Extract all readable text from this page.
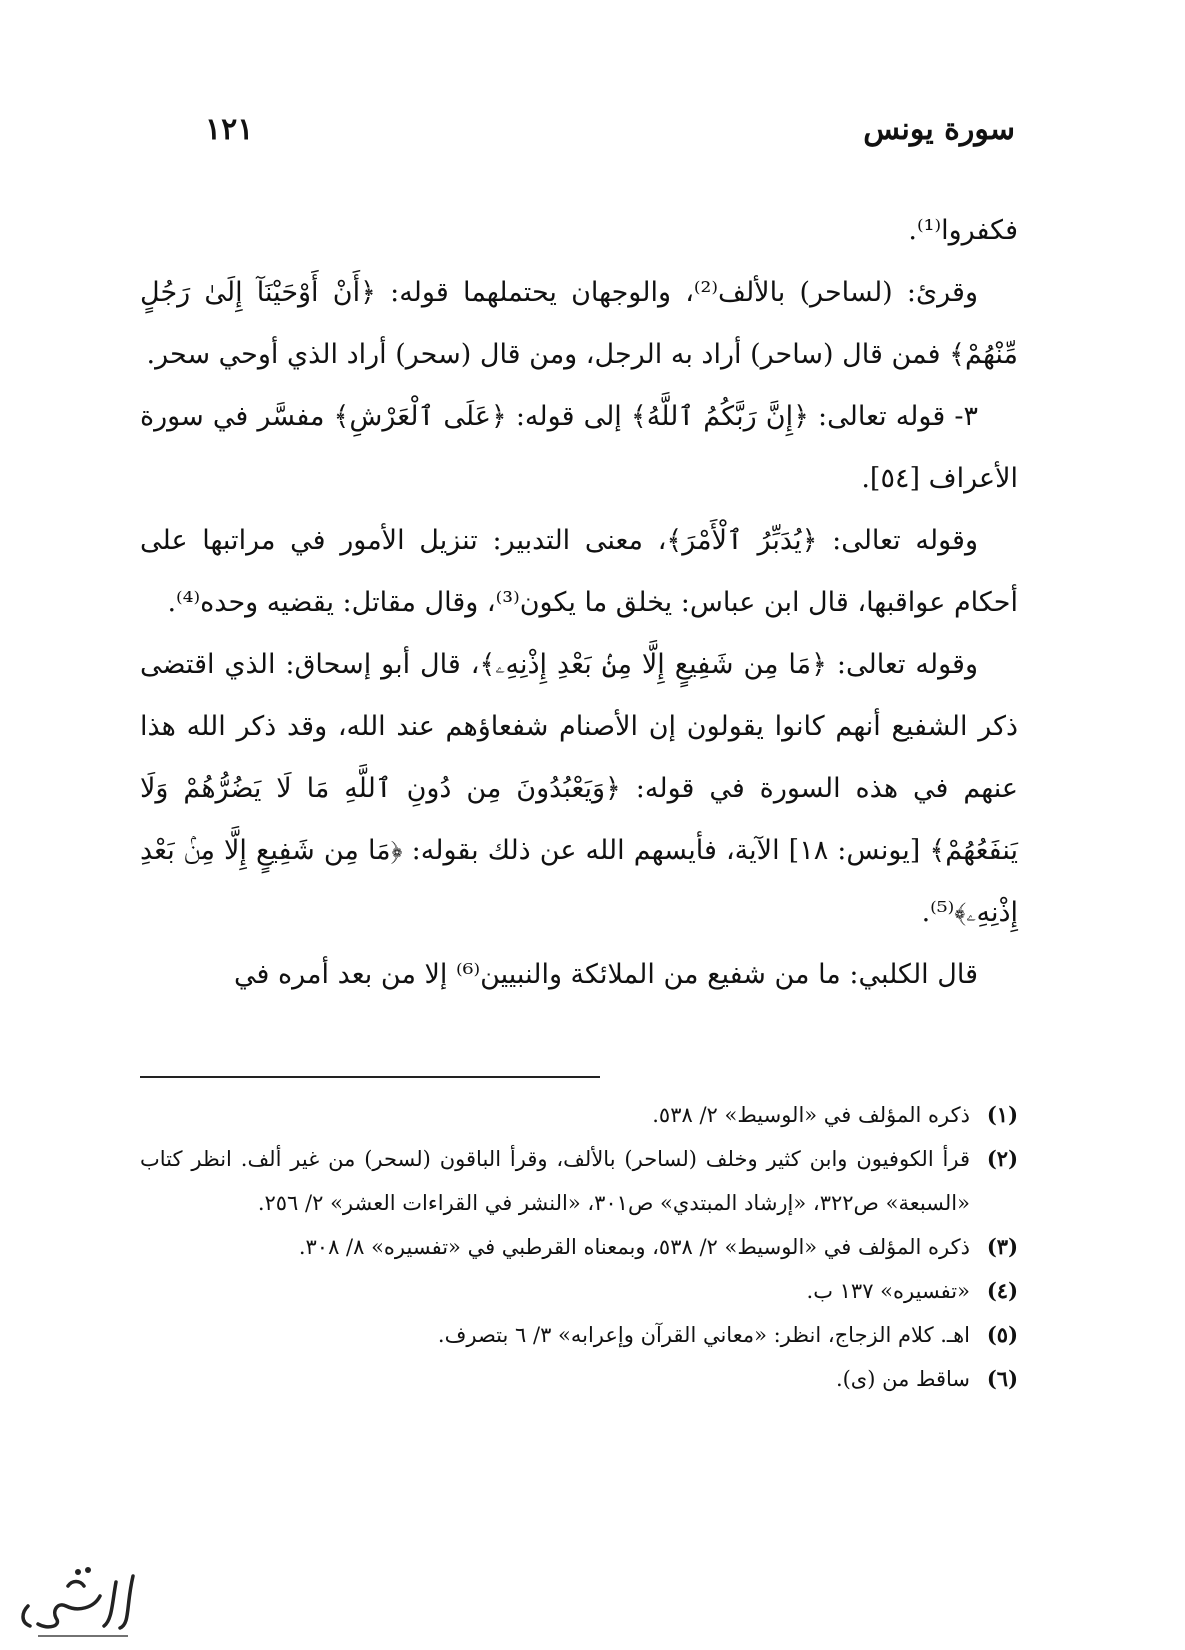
سورة يونس
١٢١

فكفروا⁽¹⁾.

وقرئ: (لساحر) بالألف⁽²⁾، والوجهان يحتملهما قوله: ﴿أَنْ أَوْحَيْنَآ إِلَىٰ رَجُلٍ مِّنْهُمْ﴾ فمن قال (ساحر) أراد به الرجل، ومن قال (سحر) أراد الذي أوحي سحر.

٣- قوله تعالى: ﴿إِنَّ رَبَّكُمُ ٱللَّهُ﴾ إلى قوله: ﴿عَلَى ٱلْعَرْشِ﴾ مفسَّر في سورة الأعراف [٥٤].

وقوله تعالى: ﴿يُدَبِّرُ ٱلْأَمْرَ﴾، معنى التدبير: تنزيل الأمور في مراتبها على أحكام عواقبها، قال ابن عباس: يخلق ما يكون⁽³⁾، وقال مقاتل: يقضيه وحده⁽⁴⁾.

وقوله تعالى: ﴿مَا مِن شَفِيعٍ إِلَّا مِنۢ بَعْدِ إِذْنِهِۦ﴾، قال أبو إسحاق: الذي اقتضى ذكر الشفيع أنهم كانوا يقولون إن الأصنام شفعاؤهم عند الله، وقد ذكر الله هذا عنهم في هذه السورة في قوله: ﴿وَيَعْبُدُونَ مِن دُونِ ٱللَّهِ مَا لَا يَضُرُّهُمْ وَلَا يَنفَعُهُمْ﴾ [يونس: ١٨] الآية، فأيسهم الله عن ذلك بقوله: ﴿مَا مِن شَفِيعٍ إِلَّا مِنۢ بَعْدِ إِذْنِهِۦ﴾⁽⁵⁾.

قال الكلبي: ما من شفيع من الملائكة والنبيين⁽⁶⁾ إلا من بعد أمره في

(١)
ذكره المؤلف في «الوسيط» ٢/ ٥٣٨.

(٢)
قرأ الكوفيون وابن كثير وخلف (لساحر) بالألف، وقرأ الباقون (لسحر) من غير ألف. انظر كتاب «السبعة» ص٣٢٢، «إرشاد المبتدي» ص٣٠١، «النشر في القراءات العشر» ٢/ ٢٥٦.

(٣)
ذكره المؤلف في «الوسيط» ٢/ ٥٣٨، وبمعناه القرطبي في «تفسيره» ٨/ ٣٠٨.

(٤)
«تفسيره» ١٣٧ ب.

(٥)
اهـ. كلام الزجاج، انظر: «معاني القرآن وإعرابه» ٣/ ٦ بتصرف.

(٦)
ساقط من (ى).
